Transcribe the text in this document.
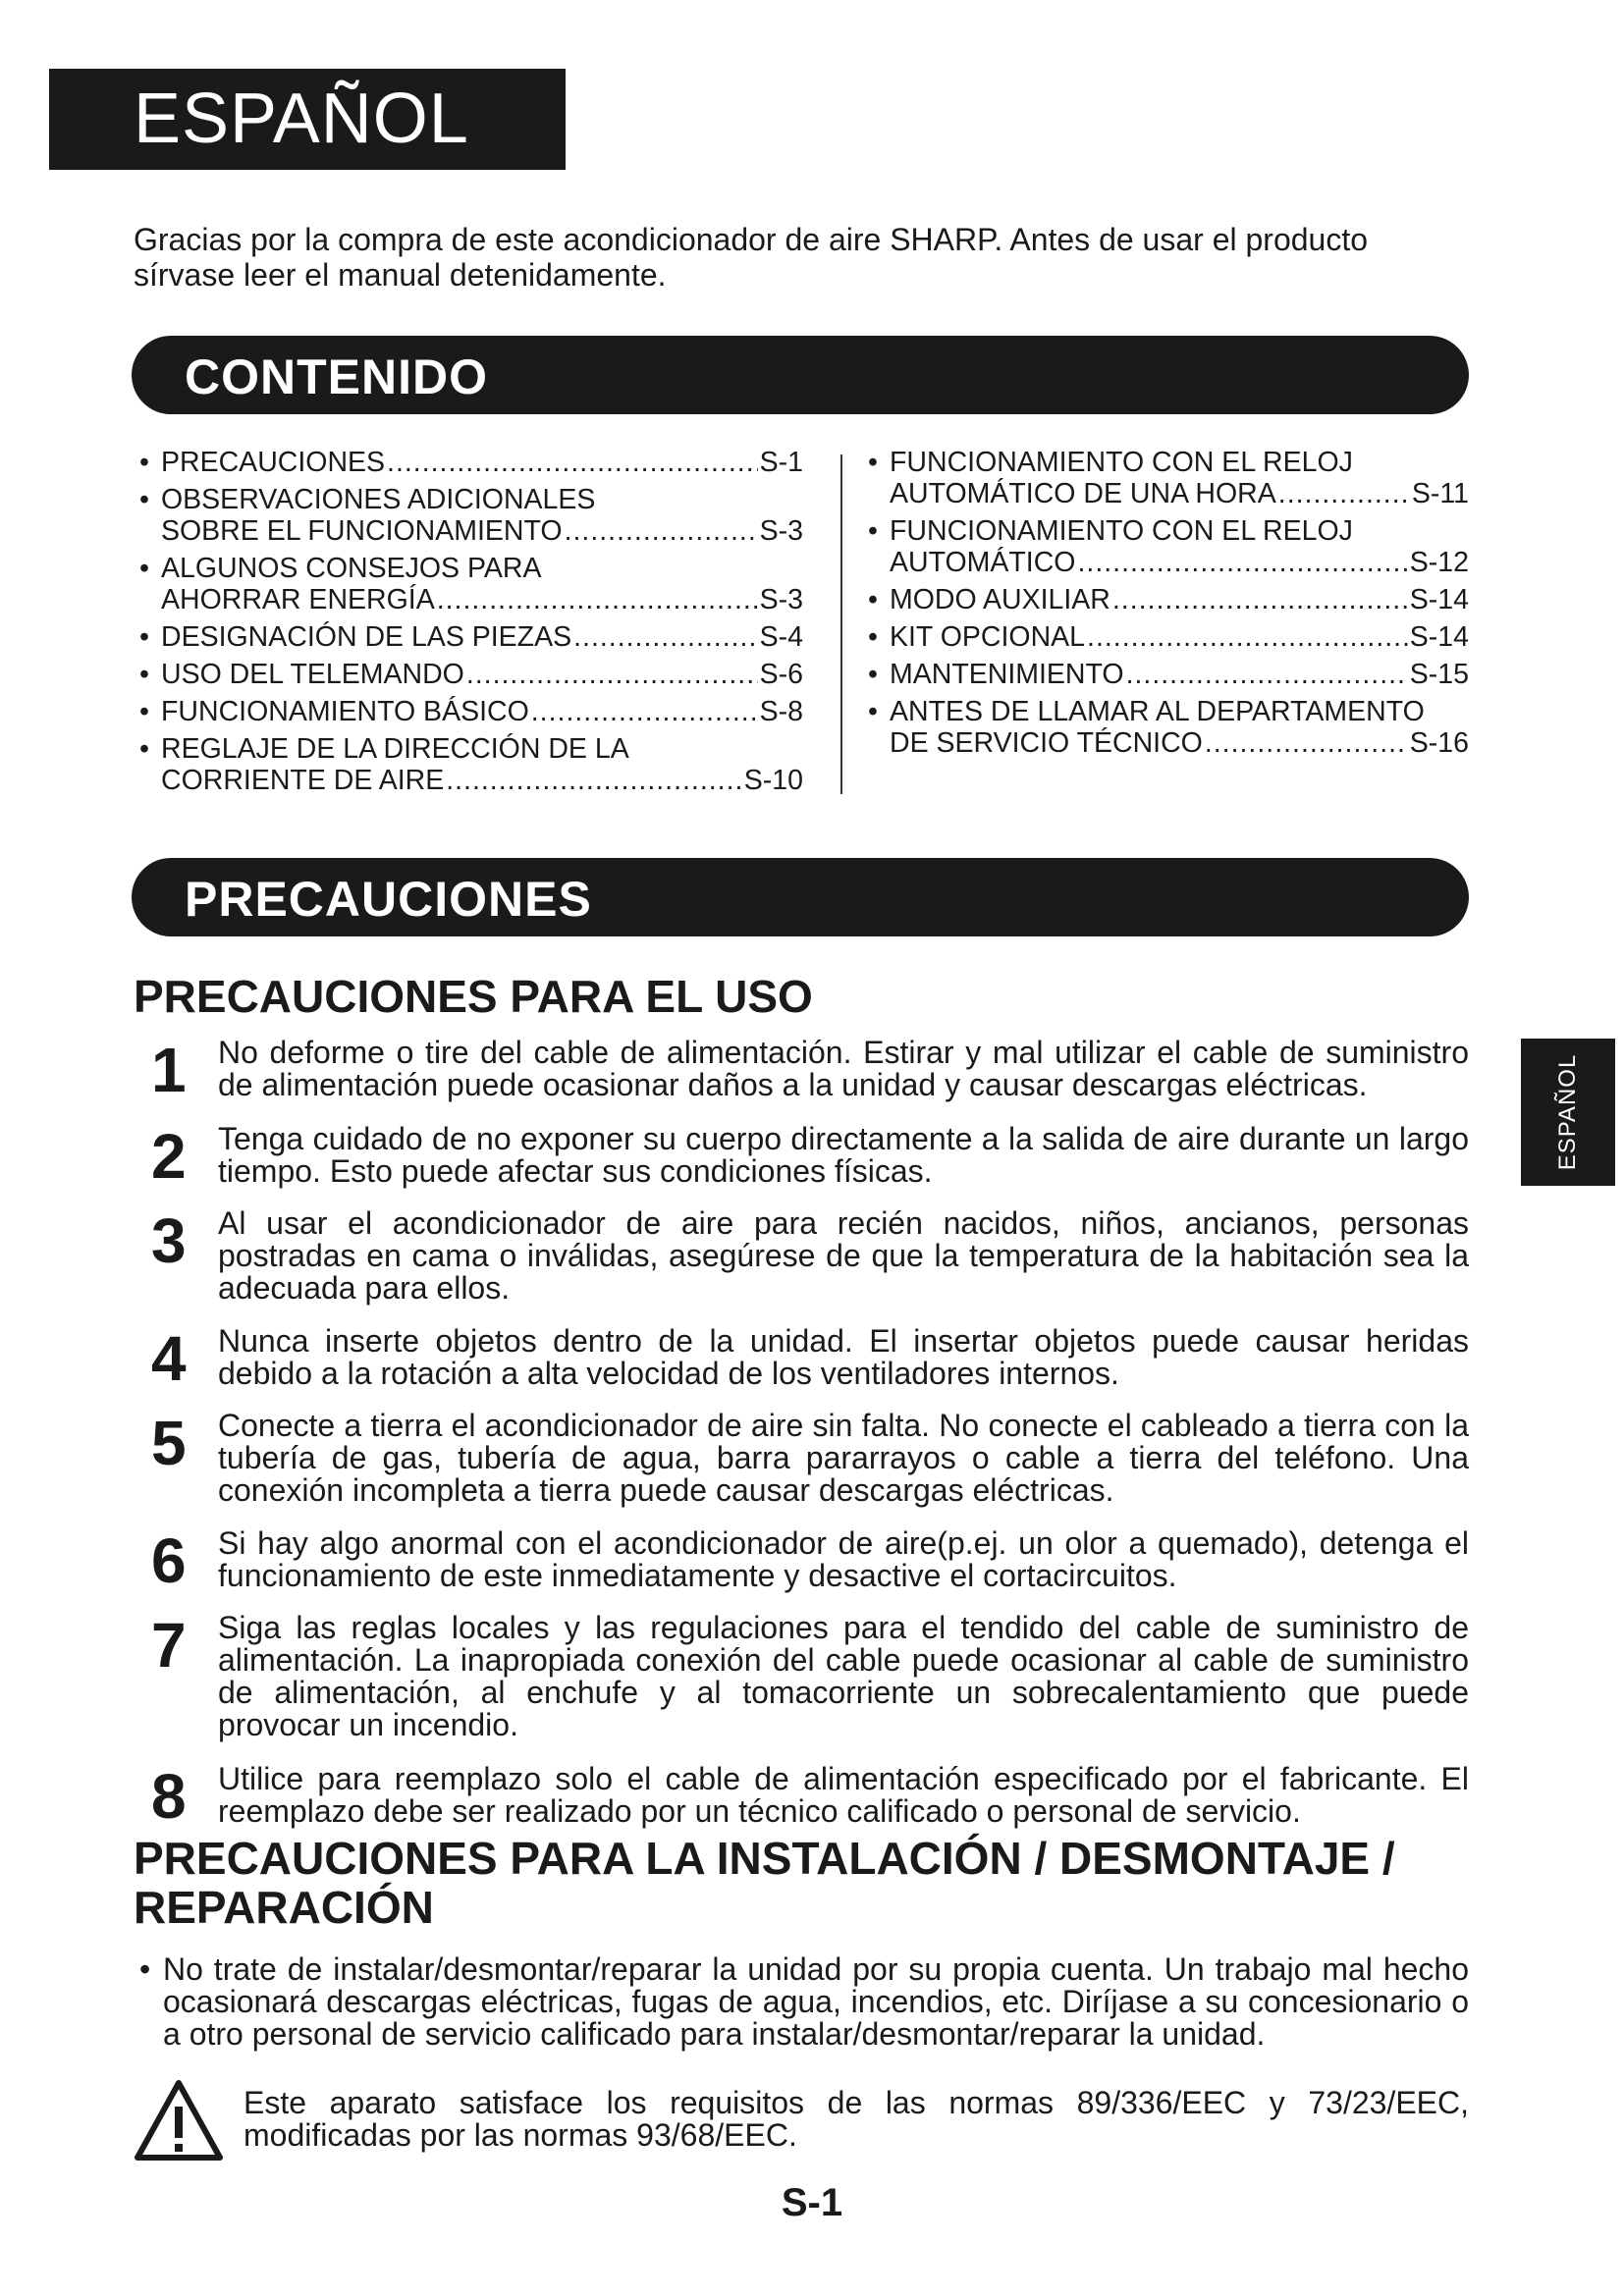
ESPAÑOL

Gracias por la compra de este acondicionador de aire SHARP. Antes de usar el producto sírvase leer el manual detenidamente.

CONTENIDO
• PRECAUCIONES .....	S-1
• OBSERVACIONES ADICIONALES
SOBRE EL FUNCIONAMIENTO .....	S-3
• ALGUNOS CONSEJOS PARA
AHORRAR ENERGÍA .....	S-3
• DESIGNACIÓN DE LAS PIEZAS .....	S-4
• USO DEL TELEMANDO .....	S-6
• FUNCIONAMIENTO BÁSICO .....	S-8
• REGLAJE DE LA DIRECCIÓN DE LA
CORRIENTE DE AIRE .....	S-10
• FUNCIONAMIENTO CON EL RELOJ
AUTOMÁTICO DE UNA HORA .....	S-11
• FUNCIONAMIENTO CON EL RELOJ
AUTOMÁTICO .....	S-12
• MODO AUXILIAR .....	S-14
• KIT OPCIONAL .....	S-14
• MANTENIMIENTO .....	S-15
• ANTES DE LLAMAR AL DEPARTAMENTO
DE SERVICIO TÉCNICO .....	S-16
PRECAUCIONES
PRECAUCIONES PARA EL USO
1 No deforme o tire del cable de alimentación. Estirar y mal utilizar el cable de suministro de alimentación puede ocasionar daños a la unidad y causar descargas eléctricas.
2 Tenga cuidado de no exponer su cuerpo directamente a la salida de aire durante un largo tiempo. Esto puede afectar sus condiciones físicas.
3 Al usar el acondicionador de aire para recién nacidos, niños, ancianos, personas postradas en cama o inválidas, asegúrese de que la temperatura de la habitación sea la adecuada para ellos.
4 Nunca inserte objetos dentro de la unidad. El insertar objetos puede causar heridas debido a la rotación a alta velocidad de los ventiladores internos.
5 Conecte a tierra el acondicionador de aire sin falta. No conecte el cableado a tierra con la tubería de gas, tubería de agua, barra pararrayos o cable a tierra del teléfono. Una conexión incompleta a tierra puede causar descargas eléctricas.
6 Si hay algo anormal con el acondicionador de aire(p.ej. un olor a quemado), detenga el funcionamiento de este inmediatamente y desactive el cortacircuitos.
7 Siga las reglas locales y las regulaciones para el tendido del cable de suministro de alimentación. La inapropiada conexión del cable puede ocasionar al cable de suministro de alimentación, al enchufe y al tomacorriente un sobrecalentamiento que puede provocar un incendio.
8 Utilice para reemplazo solo el cable de alimentación especificado por el fabricante. El reemplazo debe ser realizado por un técnico calificado o personal de servicio.
PRECAUCIONES PARA LA INSTALACIÓN / DESMONTAJE / REPARACIÓN

• No trate de instalar/desmontar/reparar la unidad por su propia cuenta. Un trabajo mal hecho ocasionará descargas eléctricas, fugas de agua, incendios, etc. Diríjase a su concesionario o a otro personal de servicio calificado para instalar/desmontar/reparar la unidad.

Este aparato satisface los requisitos de las normas 89/336/EEC y 73/23/EEC, modificadas por las normas 93/68/EEC.

S-1
ESPAÑOL
